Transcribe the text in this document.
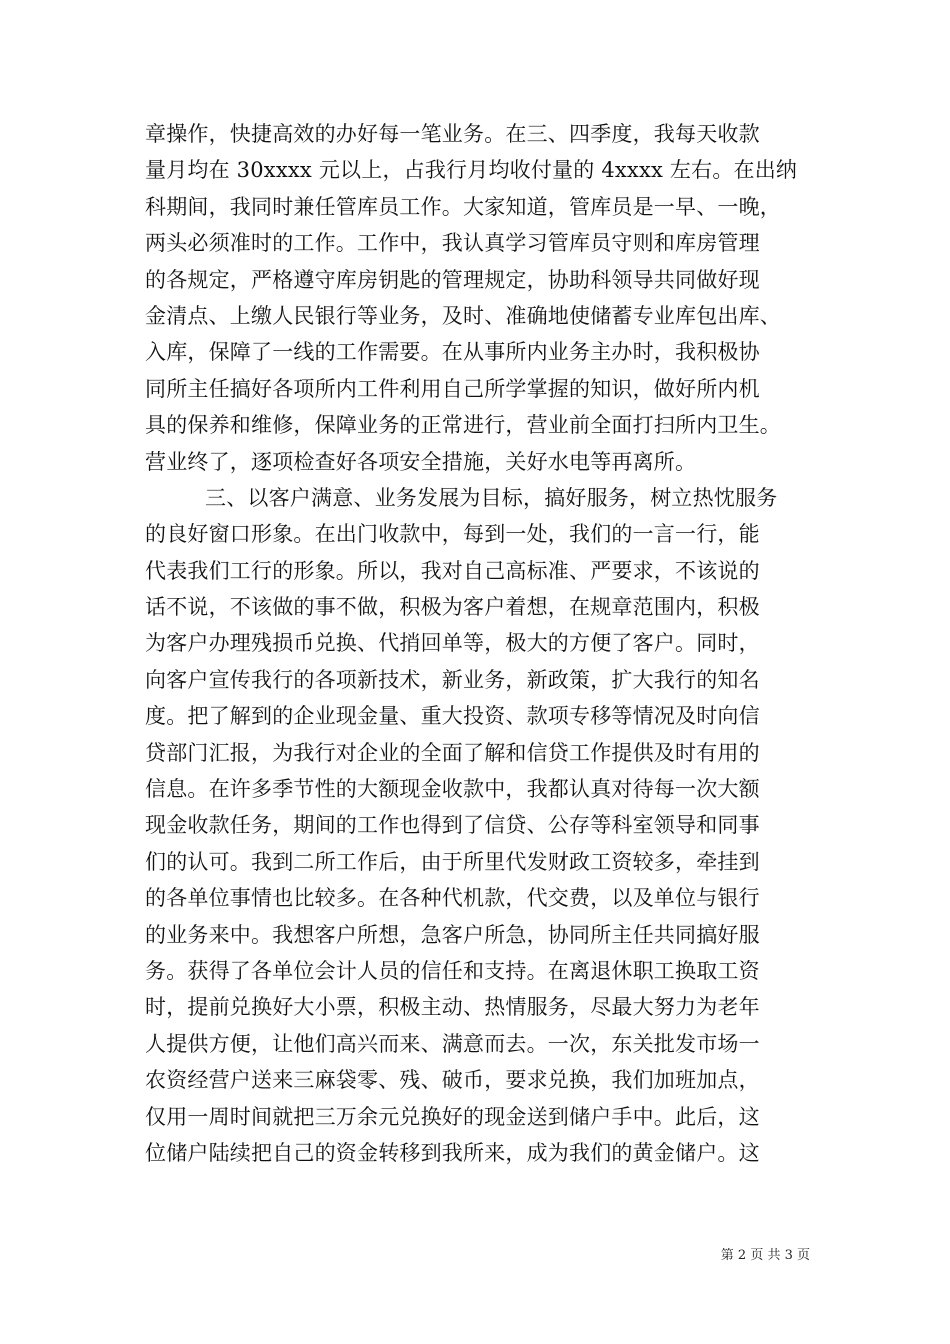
章操作，快捷高效的办好每一笔业务。在三、四季度，我每天收款
量月均在 30xxxx 元以上，占我行月均收付量的 4xxxx 左右。在出纳
科期间，我同时兼任管库员工作。大家知道，管库员是一早、一晚，
两头必须准时的工作。工作中，我认真学习管库员守则和库房管理
的各规定，严格遵守库房钥匙的管理规定，协助科领导共同做好现
金清点、上缴人民银行等业务，及时、准确地使储蓄专业库包出库、
入库，保障了一线的工作需要。在从事所内业务主办时，我积极协
同所主任搞好各项所内工件利用自己所学掌握的知识，做好所内机
具的保养和维修，保障业务的正常进行，营业前全面打扫所内卫生。
营业终了，逐项检查好各项安全措施，关好水电等再离所。
三、以客户满意、业务发展为目标，搞好服务，树立热忱服务
的良好窗口形象。在出门收款中，每到一处，我们的一言一行，能
代表我们工行的形象。所以，我对自己高标准、严要求，不该说的
话不说，不该做的事不做，积极为客户着想，在规章范围内，积极
为客户办理残损币兑换、代捎回单等，极大的方便了客户。同时，
向客户宣传我行的各项新技术，新业务，新政策，扩大我行的知名
度。把了解到的企业现金量、重大投资、款项专移等情况及时向信
贷部门汇报，为我行对企业的全面了解和信贷工作提供及时有用的
信息。在许多季节性的大额现金收款中，我都认真对待每一次大额
现金收款任务，期间的工作也得到了信贷、公存等科室领导和同事
们的认可。我到二所工作后，由于所里代发财政工资较多，牵挂到
的各单位事情也比较多。在各种代机款，代交费，以及单位与银行
的业务来中。我想客户所想，急客户所急，协同所主任共同搞好服
务。获得了各单位会计人员的信任和支持。在离退休职工换取工资
时，提前兑换好大小票，积极主动、热情服务，尽最大努力为老年
人提供方便，让他们高兴而来、满意而去。一次，东关批发市场一
农资经营户送来三麻袋零、残、破币，要求兑换，我们加班加点，
仅用一周时间就把三万余元兑换好的现金送到储户手中。此后，这
位储户陆续把自己的资金转移到我所来，成为我们的黄金储户。这
第 2 页 共 3 页
